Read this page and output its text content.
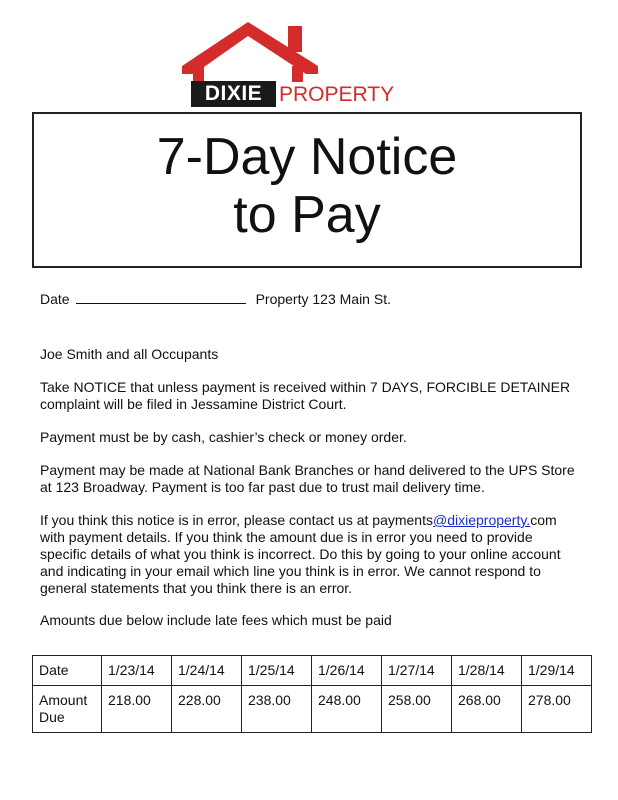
DIXIE PROPERTY
7-Day Notice
to Pay
Date	Property 123 Main St.
Joe Smith and all Occupants
Take NOTICE that unless payment is received within 7 DAYS, FORCIBLE DETAINER complaint will be filed in Jessamine District Court.
Payment must be by cash, cashier’s check or money order.
Payment may be made at National Bank Branches or hand delivered to the UPS Store at 123 Broadway. Payment is too far past due to trust mail delivery time.
If you think this notice is in error, please contact us at payments@dixieproperty.com with payment details. If you think the amount due is in error you need to provide specific details of what you think is incorrect. Do this by going to your online account and indicating in your email which line you think is in error. We cannot respond to general statements that you think there is an error.
Amounts due below include late fees which must be paid
Date	1/23/14	1/24/14	1/25/14	1/26/14	1/27/14	1/28/14	1/29/14
Amount Due	218.00	228.00	238.00	248.00	258.00	268.00	278.00
